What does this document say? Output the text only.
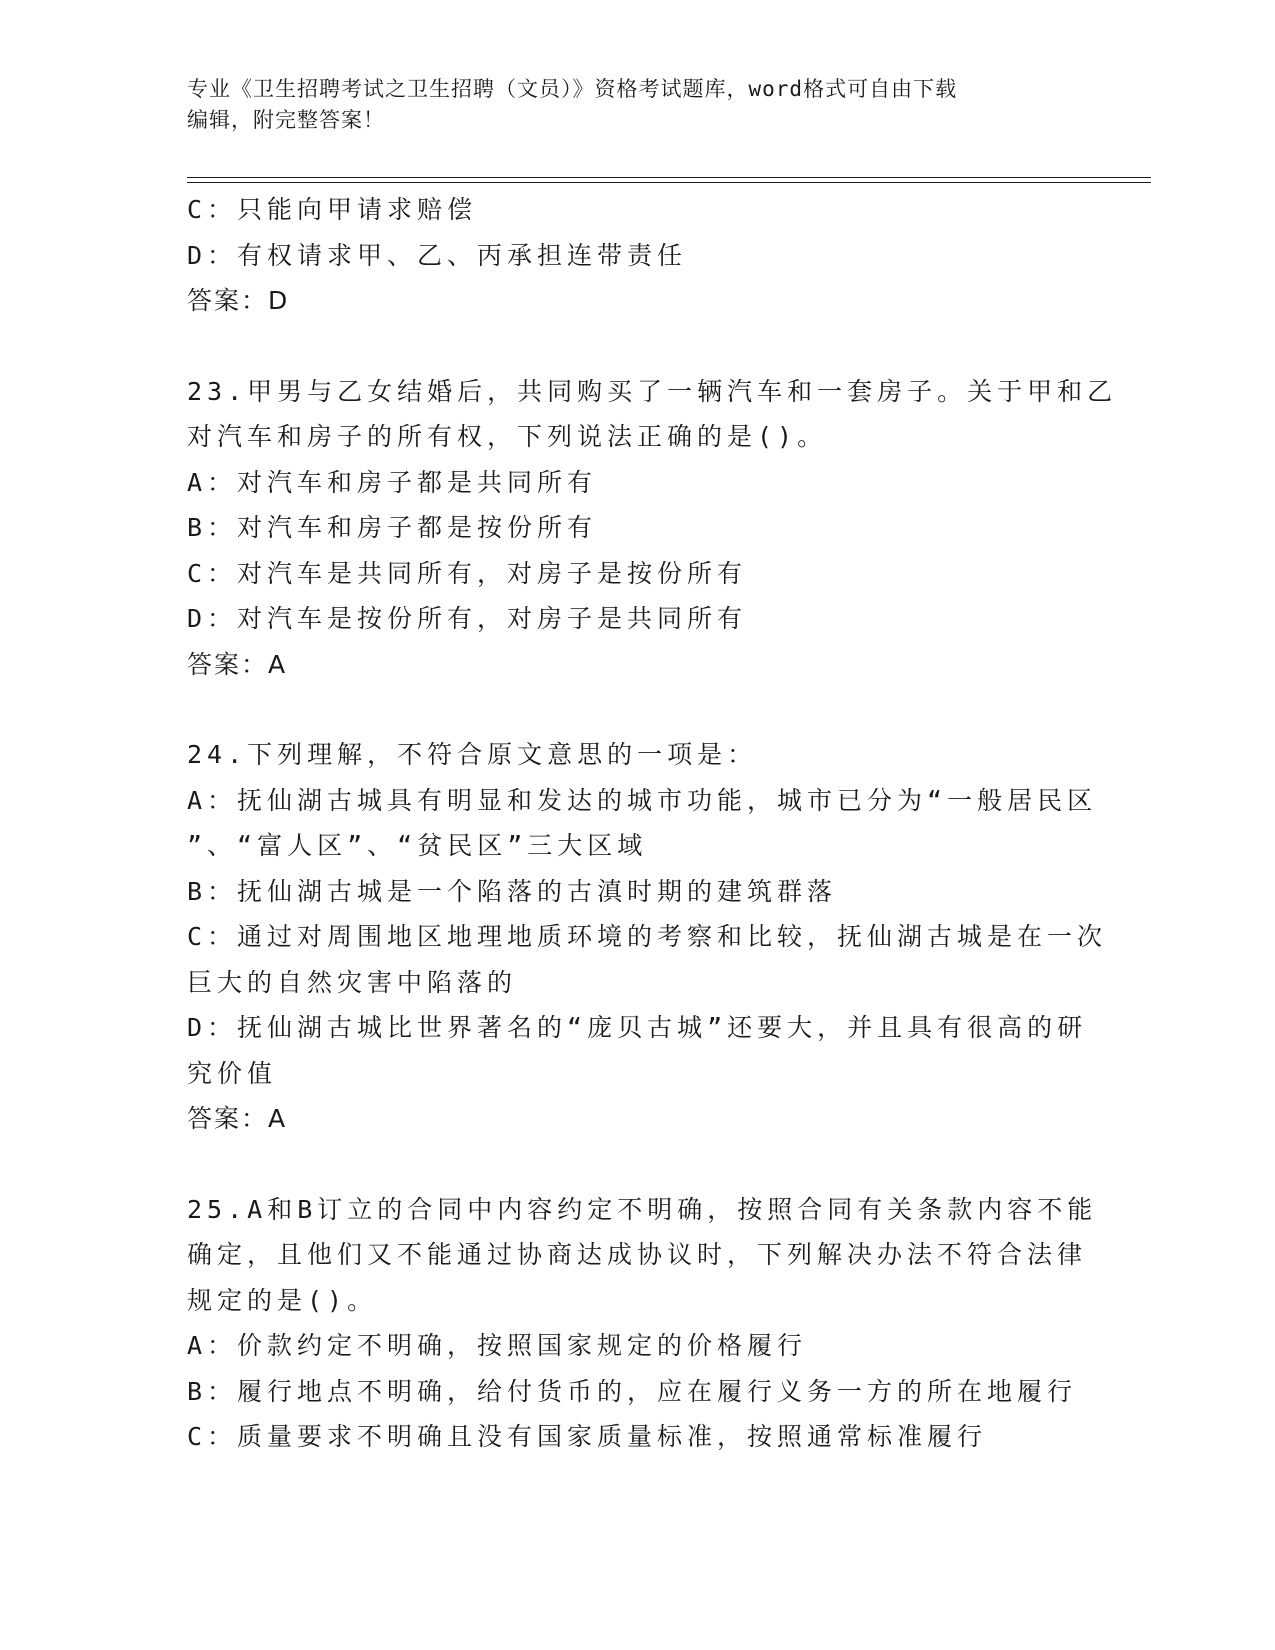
专业《卫生招聘考试之卫生招聘（文员）》资格考试题库，word格式可自由下载
编辑，附完整答案！
C：只能向甲请求赔偿
D：有权请求甲、乙、丙承担连带责任
答案：D
23.甲男与乙女结婚后，共同购买了一辆汽车和一套房子。关于甲和乙
对汽车和房子的所有权，下列说法正确的是()。
A：对汽车和房子都是共同所有
B：对汽车和房子都是按份所有
C：对汽车是共同所有，对房子是按份所有
D：对汽车是按份所有，对房子是共同所有
答案：A
24.下列理解，不符合原文意思的一项是：
A：抚仙湖古城具有明显和发达的城市功能，城市已分为“一般居民区
”、“富人区”、“贫民区”三大区域
B：抚仙湖古城是一个陷落的古滇时期的建筑群落
C：通过对周围地区地理地质环境的考察和比较，抚仙湖古城是在一次
巨大的自然灾害中陷落的
D：抚仙湖古城比世界著名的“庞贝古城”还要大，并且具有很高的研
究价值
答案：A
25.A和B订立的合同中内容约定不明确，按照合同有关条款内容不能
确定，且他们又不能通过协商达成协议时，下列解决办法不符合法律
规定的是()。
A：价款约定不明确，按照国家规定的价格履行
B：履行地点不明确，给付货币的，应在履行义务一方的所在地履行
C：质量要求不明确且没有国家质量标准，按照通常标准履行
